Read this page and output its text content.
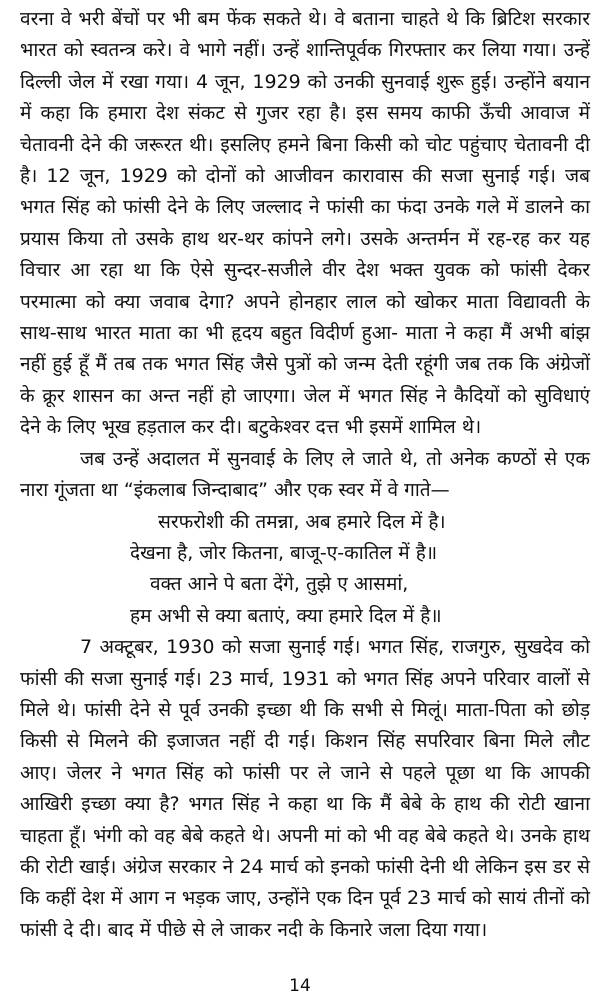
वरना वे भरी बेंचों पर भी बम फेंक सकते थे। वे बताना चाहते थे कि ब्रिटिश सरकार भारत को स्वतन्त्र करे। वे भागे नहीं। उन्हें शान्तिपूर्वक गिरफ्तार कर लिया गया। उन्हें दिल्ली जेल में रखा गया। 4 जून, 1929 को उनकी सुनवाई शुरू हुई। उन्होंने बयान में कहा कि हमारा देश संकट से गुजर रहा है। इस समय काफी ऊँची आवाज में चेतावनी देने की जरूरत थी। इसलिए हमने बिना किसी को चोट पहुंचाए चेतावनी दी है। 12 जून, 1929 को दोनों को आजीवन कारावास की सजा सुनाई गई। जब भगत सिंह को फांसी देने के लिए जल्लाद ने फांसी का फंदा उनके गले में डालने का प्रयास किया तो उसके हाथ थर-थर कांपने लगे। उसके अन्तर्मन में रह-रह कर यह विचार आ रहा था कि ऐसे सुन्दर-सजीले वीर देश भक्त युवक को फांसी देकर परमात्मा को क्या जवाब देगा? अपने होनहार लाल को खोकर माता विद्यावती के साथ-साथ भारत माता का भी हृदय बहुत विदीर्ण हुआ- माता ने कहा मैं अभी बांझ नहीं हुई हूँ मैं तब तक भगत सिंह जैसे पुत्रों को जन्म देती रहूंगी जब तक कि अंग्रेजों के क्रूर शासन का अन्त नहीं हो जाएगा। जेल में भगत सिंह ने कैदियों को सुविधाएं देने के लिए भूख हड़ताल कर दी। बटुकेश्वर दत्त भी इसमें शामिल थे।

जब उन्हें अदालत में सुनवाई के लिए ले जाते थे, तो अनेक कण्ठों से एक नारा गूंजता था “इंकलाब जिन्दाबाद” और एक स्वर में वे गाते—

सरफरोशी की तमन्ना, अब हमारे दिल में है।
देखना है, जोर कितना, बाजू-ए-कातिल में है॥
वक्त आने पे बता देंगे, तुझे ए आसमां,
हम अभी से क्या बताएं, क्या हमारे दिल में है॥

7 अक्टूबर, 1930 को सजा सुनाई गई। भगत सिंह, राजगुरु, सुखदेव को फांसी की सजा सुनाई गई। 23 मार्च, 1931 को भगत सिंह अपने परिवार वालों से मिले थे। फांसी देने से पूर्व उनकी इच्छा थी कि सभी से मिलूं। माता-पिता को छोड़ किसी से मिलने की इजाजत नहीं दी गई। किशन सिंह सपरिवार बिना मिले लौट आए। जेलर ने भगत सिंह को फांसी पर ले जाने से पहले पूछा था कि आपकी आखिरी इच्छा क्या है? भगत सिंह ने कहा था कि मैं बेबे के हाथ की रोटी खाना चाहता हूँ। भंगी को वह बेबे कहते थे। अपनी मां को भी वह बेबे कहते थे। उनके हाथ की रोटी खाई। अंग्रेज सरकार ने 24 मार्च को इनको फांसी देनी थी लेकिन इस डर से कि कहीं देश में आग न भड़क जाए, उन्होंने एक दिन पूर्व 23 मार्च को सायं तीनों को फांसी दे दी। बाद में पीछे से ले जाकर नदी के किनारे जला दिया गया।

14
